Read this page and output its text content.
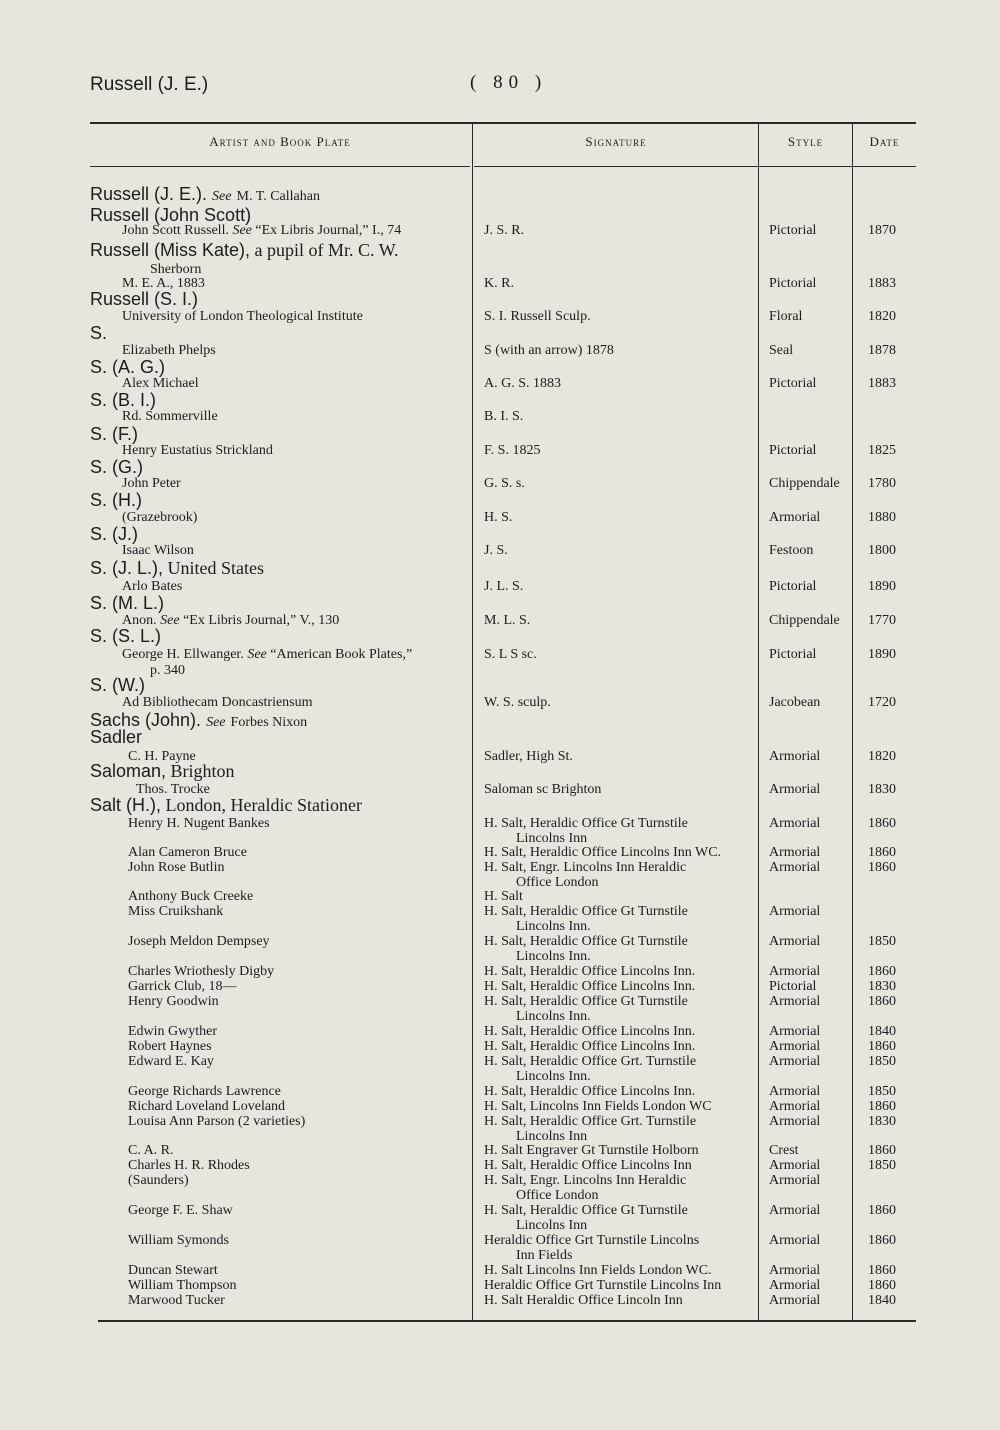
Russell (J. E.)	( 80 )
Artist and Book Plate	Signature	Style	Date
Russell (J. E.). See M. T. Callahan
Russell (John Scott)
John Scott Russell. See “Ex Libris Journal,” I., 74	J. S. R.	Pictorial	1870
Russell (Miss Kate), a pupil of Mr. C. W.
Sherborn
M. E. A., 1883	K. R.	Pictorial	1883
Russell (S. I.)
University of London Theological Institute	S. I. Russell Sculp.	Floral	1820
S.
Elizabeth Phelps	S (with an arrow) 1878	Seal	1878
S. (A. G.)
Alex Michael	A. G. S. 1883	Pictorial	1883
S. (B. I.)
Rd. Sommerville	B. I. S.
S. (F.)
Henry Eustatius Strickland	F. S. 1825	Pictorial	1825
S. (G.)
John Peter	G. S. s.	Chippendale 1780
S. (H.)
(Grazebrook)	H. S.	Armorial	1880
S. (J.)
Isaac Wilson	J. S.	Festoon	1800
S. (J. L.), United States
Arlo Bates	J. L. S.	Pictorial	1890
S. (M. L.)
Anon. See “Ex Libris Journal,” V., 130	M. L. S.	Chippendale 1770
S. (S. L.)
George H. Ellwanger. See “American Book Plates,”	S. L S sc.	Pictorial	1890
p. 340
S. (W.)
Ad Bibliothecam Doncastriensum	W. S. sculp.	Jacobean	1720
Sachs (John). See Forbes Nixon
Sadler
C. H. Payne	Sadler, High St.	Armorial	1820
Saloman, Brighton
Thos. Trocke	Saloman sc Brighton	Armorial	1830
Salt (H.), London, Heraldic Stationer
Henry H. Nugent Bankes	H. Salt, Heraldic Office Gt Turnstile
Lincolns Inn
Armorial	1860
Alan Cameron Bruce	H. Salt, Heraldic Office Lincolns Inn WC.	Armorial	1860
John Rose Butlin	H. Salt, Engr. Lincolns Inn Heraldic
Office London
Armorial	1860
Anthony Buck Creeke	H. Salt
Miss Cruikshank	H. Salt, Heraldic Office Gt Turnstile
Lincolns Inn.
Armorial
Joseph Meldon Dempsey	H. Salt, Heraldic Office Gt Turnstile
Lincolns Inn.
Armorial	1850
Charles Wriothesly Digby	H. Salt, Heraldic Office Lincolns Inn.	Armorial	1860
Garrick Club, 18—	H. Salt, Heraldic Office Lincolns Inn.	Pictorial	1830
Henry Goodwin	H. Salt, Heraldic Office Gt Turnstile
Lincolns Inn.
Armorial	1860
Edwin Gwyther	H. Salt, Heraldic Office Lincolns Inn.	Armorial	1840
Robert Haynes	H. Salt, Heraldic Office Lincolns Inn.	Armorial	1860
Edward E. Kay	H. Salt, Heraldic Office Grt. Turnstile
Lincolns Inn.
Armorial	1850
George Richards Lawrence	H. Salt, Heraldic Office Lincolns Inn.	Armorial	1850
Richard Loveland Loveland	H. Salt, Lincolns Inn Fields London WC	Armorial	1860
Louisa Ann Parson (2 varieties)	H. Salt, Heraldic Office Grt. Turnstile
Lincolns Inn
Armorial	1830
C. A. R.	H. Salt Engraver Gt Turnstile Holborn	Crest	1860
Charles H. R. Rhodes	H. Salt, Heraldic Office Lincolns Inn	Armorial	1850
(Saunders)	H. Salt, Engr. Lincolns Inn Heraldic
Office London
Armorial
George F. E. Shaw	H. Salt, Heraldic Office Gt Turnstile
Lincolns Inn
Armorial	1860
William Symonds	Heraldic Office Grt Turnstile Lincolns
Inn Fields
Armorial	1860
Duncan Stewart	H. Salt Lincolns Inn Fields London WC.	Armorial	1860
William Thompson	Heraldic Office Grt Turnstile Lincolns Inn	Armorial	1860
Marwood Tucker	H. Salt Heraldic Office Lincoln Inn	Armorial	1840
